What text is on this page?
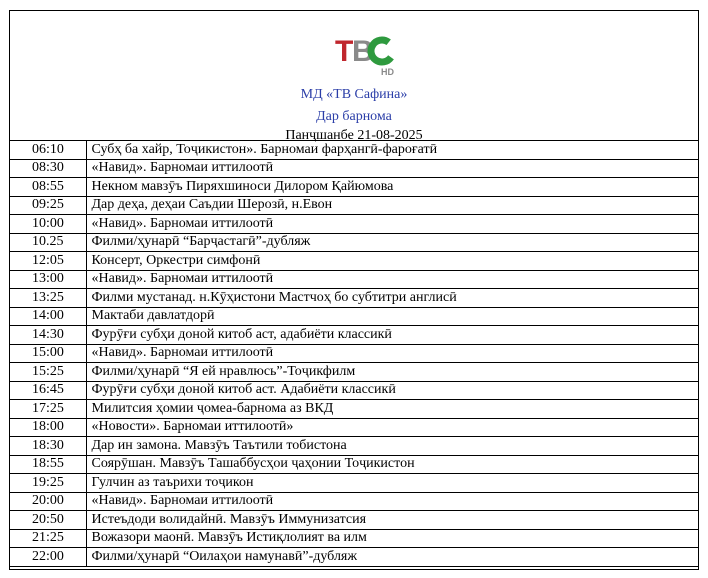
T
B
HD
МД «ТВ Сафина»
Дар барнома
Панҷшанбе 21-08-2025
06:10	Субҳ ба хайр, Тоҷикистон». Барномаи фарҳангӣ-фароғатӣ
08:30	«Навид». Барномаи иттилоотӣ
08:55	Некном мавзӯъ Пиряхшиноси Дилором Қайюмова
09:25	Дар деҳа, деҳаи Саъдии Шерозӣ, н.Евон
10:00	«Навид». Барномаи иттилоотӣ
10.25	Филми/ҳунарӣ “Барҷастагӣ”-дубляж
12:05	Консерт, Оркестри симфонӣ
13:00	«Навид». Барномаи иттилоотӣ
13:25	Филми мустанад. н.Кӯҳистони Мастчоҳ бо субтитри англисӣ
14:00	Мактаби давлатдорӣ
14:30	Фурӯғи субҳи доной китоб аст, адабиёти классикӣ
15:00	«Навид». Барномаи иттилоотӣ
15:25	Филми/ҳунарӣ “Я ей нравлюсь”-Тоҷикфилм
16:45	Фурӯғи субҳи доной китоб аст. Адабиёти классикӣ
17:25	Милитсия ҳомии ҷомеа-барнома аз ВКД
18:00	«Новости». Барномаи иттилоотӣ»
18:30	Дар ин замона. Мавзӯъ Таътили тобистона
18:55	Соярӯшан. Мавзӯъ Ташаббусҳои ҷаҳонии Тоҷикистон
19:25	Гулчин аз таърихи тоҷикон
20:00	«Навид». Барномаи иттилоотӣ
20:50	Истеъдоди волидайнӣ. Мавзӯъ Иммунизатсия
21:25	Вожазори маонӣ. Мавзӯъ Истиқлолият ва илм
22:00	Филми/ҳунарӣ “Оилаҳои намунавӣ”-дубляж
